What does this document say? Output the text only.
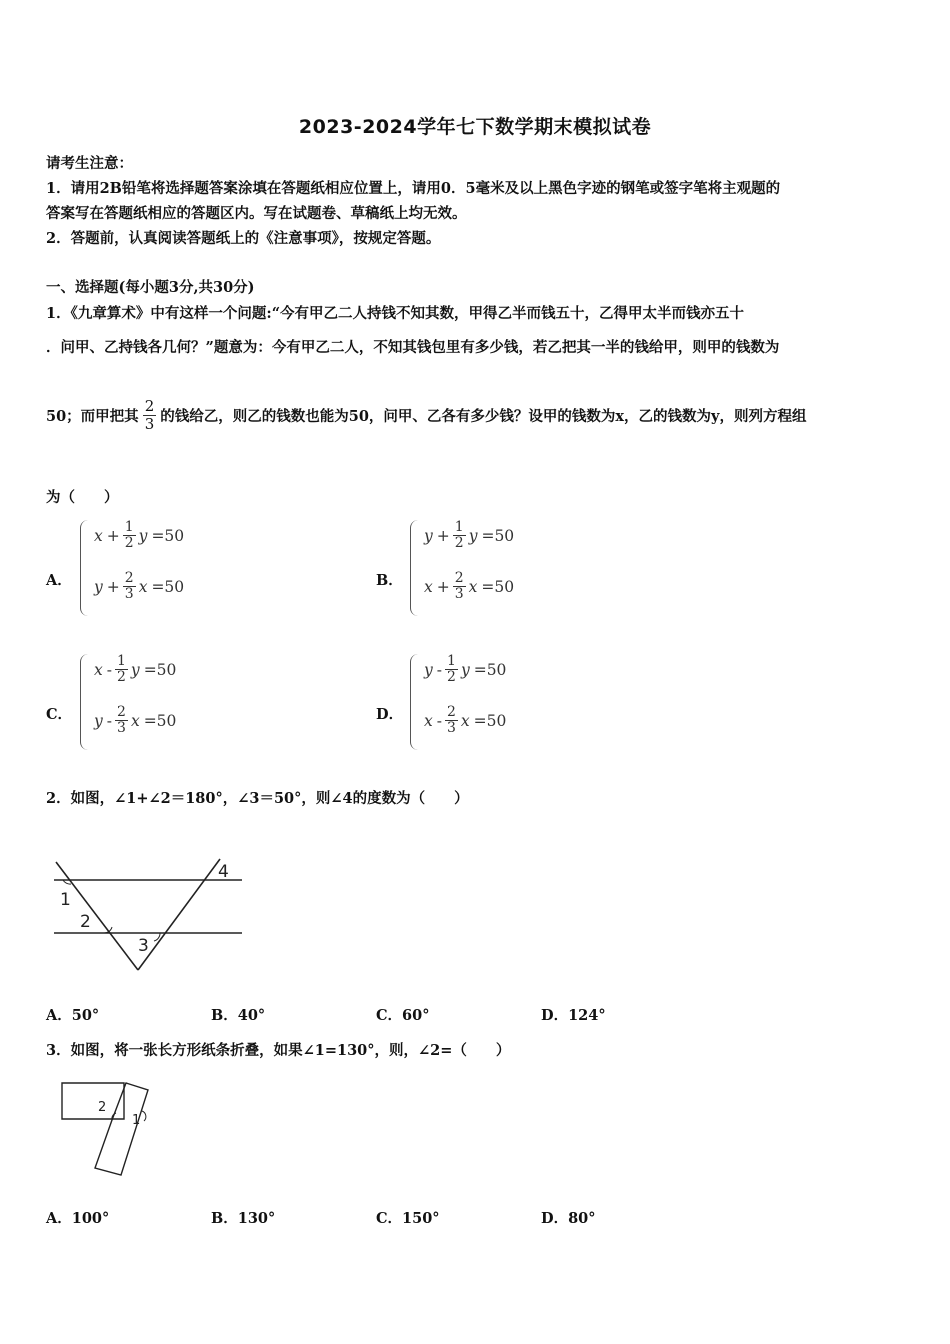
2023-2024学年七下数学期末模拟试卷
请考生注意：
1．请用2B铅笔将选择题答案涂填在答题纸相应位置上，请用0．5毫米及以上黑色字迹的钢笔或签字笔将主观题的
答案写在答题纸相应的答题区内。写在试题卷、草稿纸上均无效。
2．答题前，认真阅读答题纸上的《注意事项》，按规定答题。
一、选择题(每小题3分,共30分)
1．《九章算术》中有这样一个问题:“今有甲乙二人持钱不知其数，甲得乙半而钱五十，乙得甲太半而钱亦五十
．问甲、乙持钱各几何？”题意为：今有甲乙二人，不知其钱包里有多少钱，若乙把其一半的钱给甲，则甲的钱数为
50；而甲把其 $\frac{2}{3}$ 的钱给乙，则乙的钱数也能为50，问甲、乙各有多少钱？设甲的钱数为x，乙的钱数为y，则列方程组
为（　　）
A．
$x + \frac{1}{2}$ y =50
$y + \frac{2}{3}$ x =50	B．
$y + \frac{1}{2}$ y =50
$x + \frac{2}{3}$ x =50
C．
x - $\frac{1}{2}$ y =50
y - $\frac{2}{3}$ x =50	D．
y - $\frac{1}{2}$ y =50
x - $\frac{2}{3}$ x =50
2．如图，∠1+∠2＝180°，∠3＝50°，则∠4的度数为（　　）
1
2
3
4
A．50°	B．40°	C．60°	D．124°
3．如图，将一张长方形纸条折叠，如果∠1=130°，则，∠2=（　　）
2
1
A．100°	B．130°	C．150°	D．80°
